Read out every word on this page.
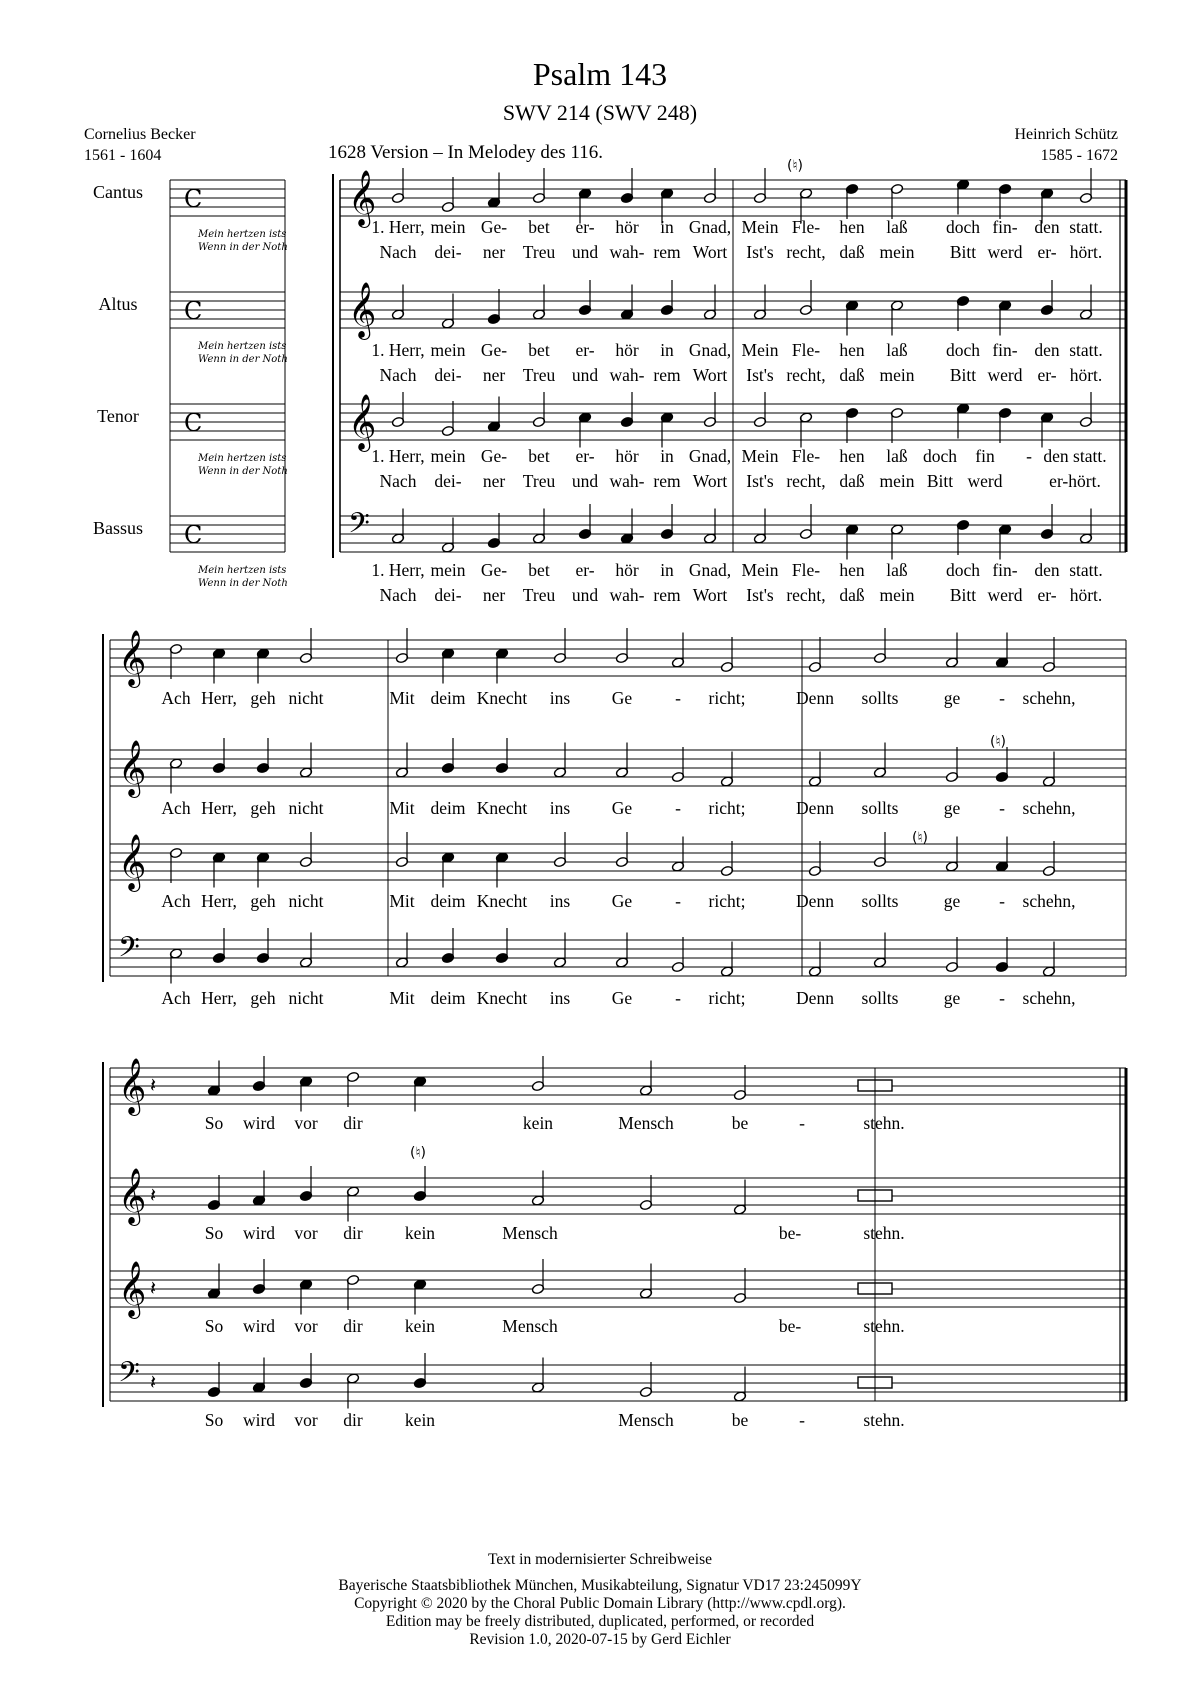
𝄞
C
𝄞
C
𝄞
C
𝄢
C
(♮)
𝄞
𝄞
𝄞
𝄢
(♮)
(♮)
𝄞 𝄽
𝄞 𝄽
𝄞 𝄽
𝄢 𝄽
(♮)
Psalm 143
SWV 214 (SWV 248)
Cornelius Becker
1561 - 1604
Heinrich Schütz
1585 - 1672
1628 Version – In Melodey des 116.
Cantus
Altus
Tenor
Bassus
Mein hertzen ists
Wenn in der Noth
Mein hertzen ists
Wenn in der Noth
Mein hertzen ists
Wenn in der Noth
Mein hertzen ists
Wenn in der Noth
1. Herr, mein Ge- bet er- hör in Gnad, Mein Fle- hen laß doch fin- den statt.
Nach dei- ner Treu und wah- rem Wort Ist's recht, daß mein Bitt werd er- hört.
1. Herr, mein Ge- bet er- hör in Gnad, Mein Fle- hen laß doch fin- den statt.
Nach dei- ner Treu und wah- rem Wort Ist's recht, daß mein Bitt werd er- hört.
1. Herr, mein Ge- bet er- hör in Gnad, Mein Fle- hen laß doch fin - den statt.
Nach dei- ner Treu und wah- rem Wort Ist's recht, daß mein Bitt werd	er-hört.
1. Herr, mein Ge- bet er- hör in Gnad, Mein Fle- hen laß doch fin- den statt.
Nach dei- ner Treu und wah- rem Wort Ist's recht, daß mein Bitt werd er- hört.
Ach Herr, geh nicht	Mit deim Knecht ins Ge - richt;	Denn sollts	ge - schehn,
Ach Herr, geh nicht	Mit deim Knecht ins Ge - richt;	Denn sollts	ge - schehn,
Ach Herr, geh nicht	Mit deim Knecht ins Ge - richt;	Denn sollts	ge - schehn,
Ach Herr, geh nicht	Mit deim Knecht ins Ge - richt;	Denn sollts	ge - schehn,
So wird vor dir	kein	Mensch	be	-	stehn.
So wird vor dir kein	Mensch	be-	stehn.
So wird vor dir kein	Mensch	be-	stehn.
So wird vor dir kein	Mensch	be	stehn.
-
Text in modernisierter Schreibweise
Bayerische Staatsbibliothek München, Musikabteilung, Signatur VD17 23:245099Y
Copyright © 2020 by the Choral Public Domain Library (http://www.cpdl.org).
Edition may be freely distributed, duplicated, performed, or recorded
Revision 1.0, 2020-07-15 by Gerd Eichler
